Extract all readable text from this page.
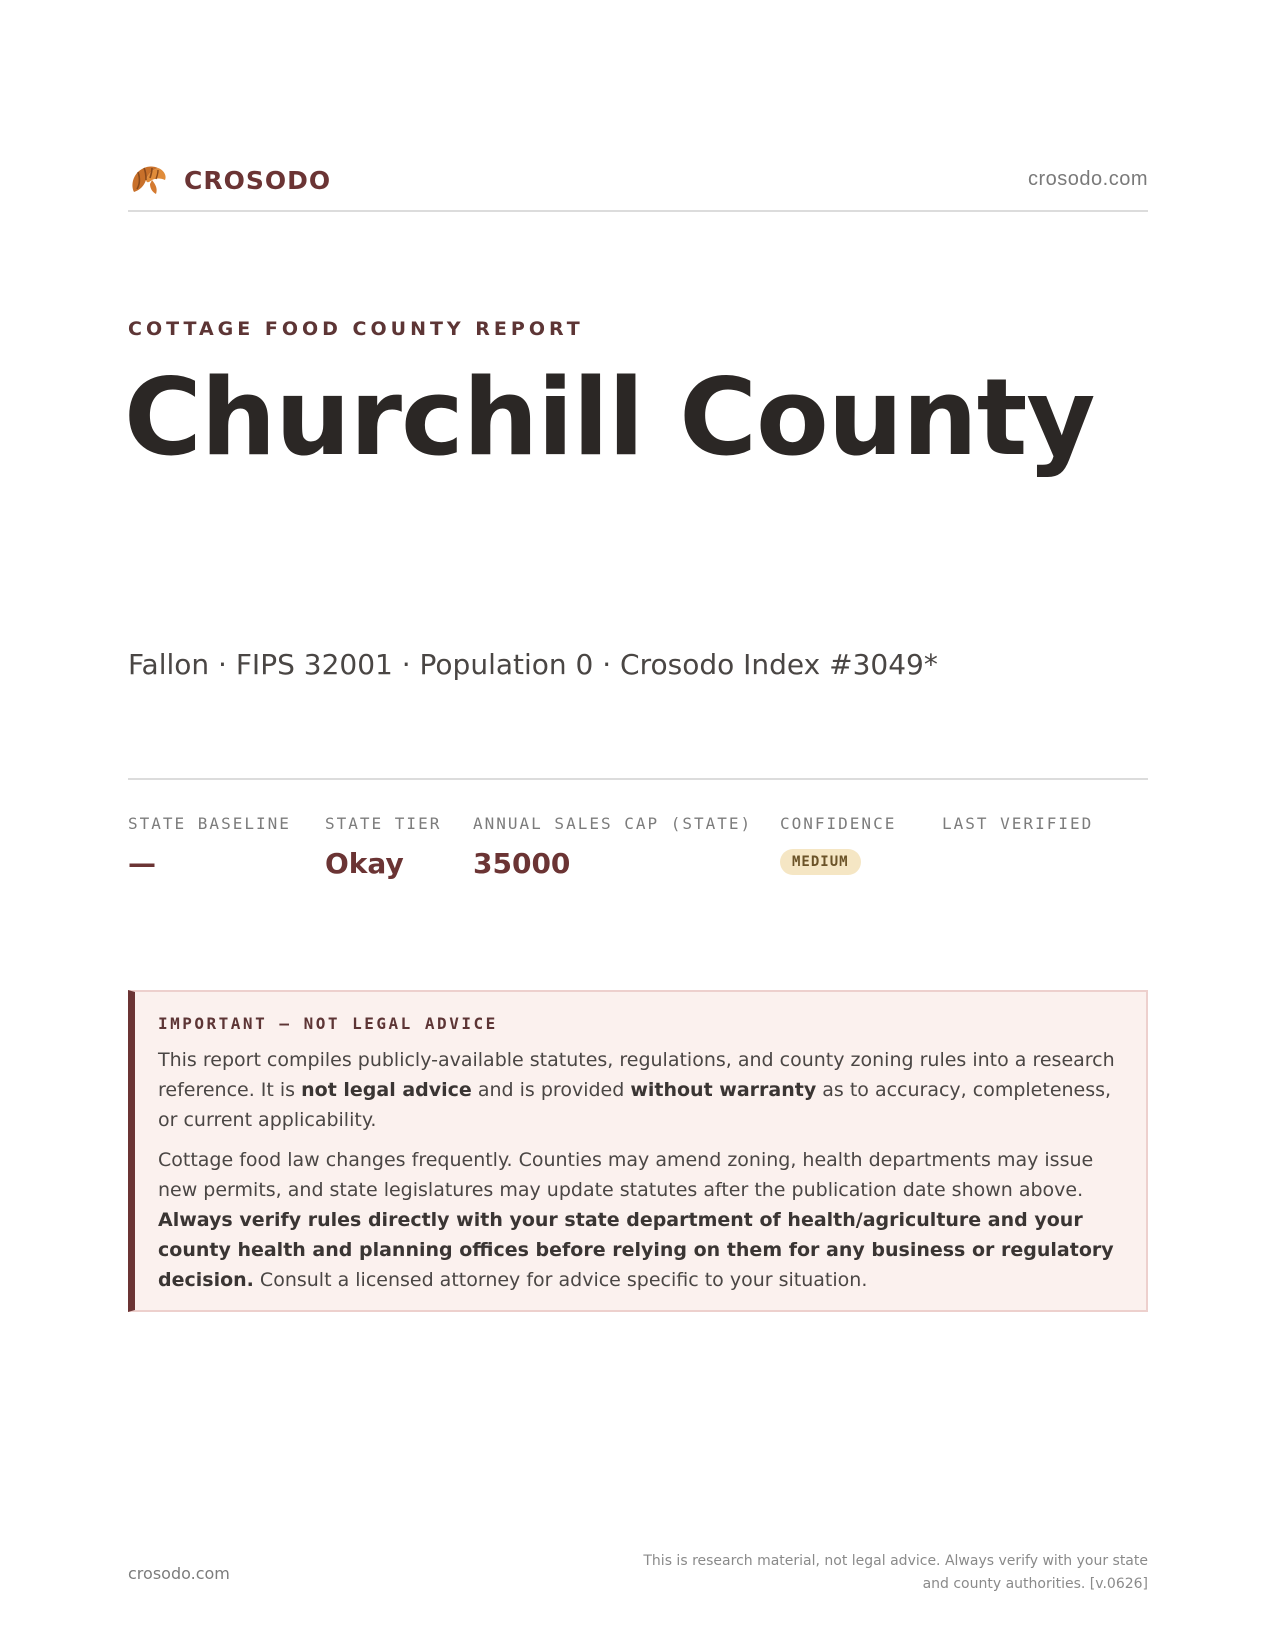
CROSODO	crosodo.com
COTTAGE FOOD COUNTY REPORT
Churchill County
Fallon · FIPS 32001 · Population 0 · Crosodo Index #3049*
STATE BASELINE
—
STATE TIER
Okay
ANNUAL SALES CAP (STATE)
35000
CONFIDENCE
MEDIUM
LAST VERIFIED
IMPORTANT — NOT LEGAL ADVICE

This report compiles publicly-available statutes, regulations, and county zoning rules into a research reference. It is not legal advice and is provided without warranty as to accuracy, completeness, or current applicability.

Cottage food law changes frequently. Counties may amend zoning, health departments may issue new permits, and state legislatures may update statutes after the publication date shown above. Always verify rules directly with your state department of health/agriculture and your county health and planning offices before relying on them for any business or regulatory decision. Consult a licensed attorney for advice specific to your situation.

crosodo.com
This is research material, not legal advice. Always verify with your state
and county authorities. [v.0626]
